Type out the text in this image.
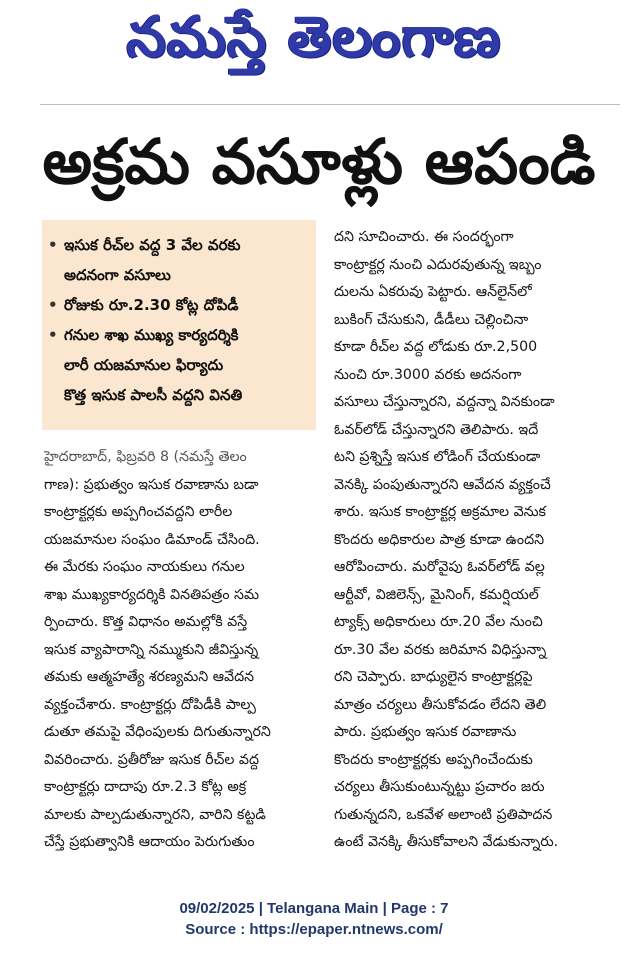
నమస్తే తెలంగాణ
అక్రమ వసూళ్లు ఆపండి
• ఇసుక రీచ్‌ల వద్ద 3 వేల వరకు
అదనంగా వసూలు
• రోజుకు రూ.2.30 కోట్ల దోపిడీ
• గనుల శాఖ ముఖ్య కార్యదర్శికి
లారీ యజమానుల ఫిర్యాదు
కొత్త ఇసుక పాలసీ వద్దని వినతి
హైదరాబాద్, ఫిబ్రవరి 8 (నమస్తే తెలం
గాణ): ప్రభుత్వం ఇసుక రవాణాను బడా
కాంట్రాక్టర్లకు అప్పగించవద్దని లారీల
యజమానుల సంఘం డిమాండ్ చేసింది.
ఈ మేరకు సంఘం నాయకులు గనుల
శాఖ ముఖ్యకార్యదర్శికి వినతిపత్రం సమ
ర్పించారు. కొత్త విధానం అమల్లోకి వస్తే
ఇసుక వ్యాపారాన్ని నమ్ముకుని జీవిస్తున్న
తమకు ఆత్మహత్యే శరణ్యమని ఆవేదన
వ్యక్తంచేశారు. కాంట్రాక్టర్లు దోపిడీకి పాల్ప
డుతూ తమపై వేధింపులకు దిగుతున్నారని
వివరించారు. ప్రతీరోజు ఇసుక రీచ్‌ల వద్ద
కాంట్రాక్టర్లు దాదాపు రూ.2.3 కోట్ల అక్ర
మాలకు పాల్పడుతున్నారని, వారిని కట్టడి
చేస్తే ప్రభుత్వానికి ఆదాయం పెరుగుతుం
దని సూచించారు. ఈ సందర్భంగా
కాంట్రాక్టర్ల నుంచి ఎదురవుతున్న ఇబ్బం
దులను ఏకరువు పెట్టారు. ఆన్‌లైన్‌లో
బుకింగ్ చేసుకుని, డీడీలు చెల్లించినా
కూడా రీచ్‌ల వద్ద లోడుకు రూ.2,500
నుంచి రూ.3000 వరకు అదనంగా
వసూలు చేస్తున్నారని, వద్దన్నా వినకుండా
ఓవర్‌లోడ్ చేస్తున్నారని తెలిపారు. ఇదే
టని ప్రశ్నిస్తే ఇసుక లోడింగ్ చేయకుండా
వెనక్కి పంపుతున్నారని ఆవేదన వ్యక్తంచే
శారు. ఇసుక కాంట్రాక్టర్ల అక్రమాల వెనుక
కొందరు అధికారుల పాత్ర కూడా ఉందని
ఆరోపించారు. మరోవైపు ఓవర్‌లోడ్ వల్ల
ఆర్టీవో, విజిలెన్స్, మైనింగ్, కమర్షియల్
ట్యాక్స్ అధికారులు రూ.20 వేల నుంచి
రూ.30 వేల వరకు జరిమాన విధిస్తున్నా
రని చెప్పారు. బాధ్యులైన కాంట్రాక్టర్లపై
మాత్రం చర్యలు తీసుకోవడం లేదని తెలి
పారు. ప్రభుత్వం ఇసుక రవాణాను
కొందరు కాంట్రాక్టర్లకు అప్పగించేందుకు
చర్యలు తీసుకుంటున్నట్టు ప్రచారం జరు
గుతున్నదని, ఒకవేళ అలాంటి ప్రతిపాదన
ఉంటే వెనక్కి తీసుకోవాలని వేడుకున్నారు.
09/02/2025 | Telangana Main | Page : 7
Source : https://epaper.ntnews.com/
